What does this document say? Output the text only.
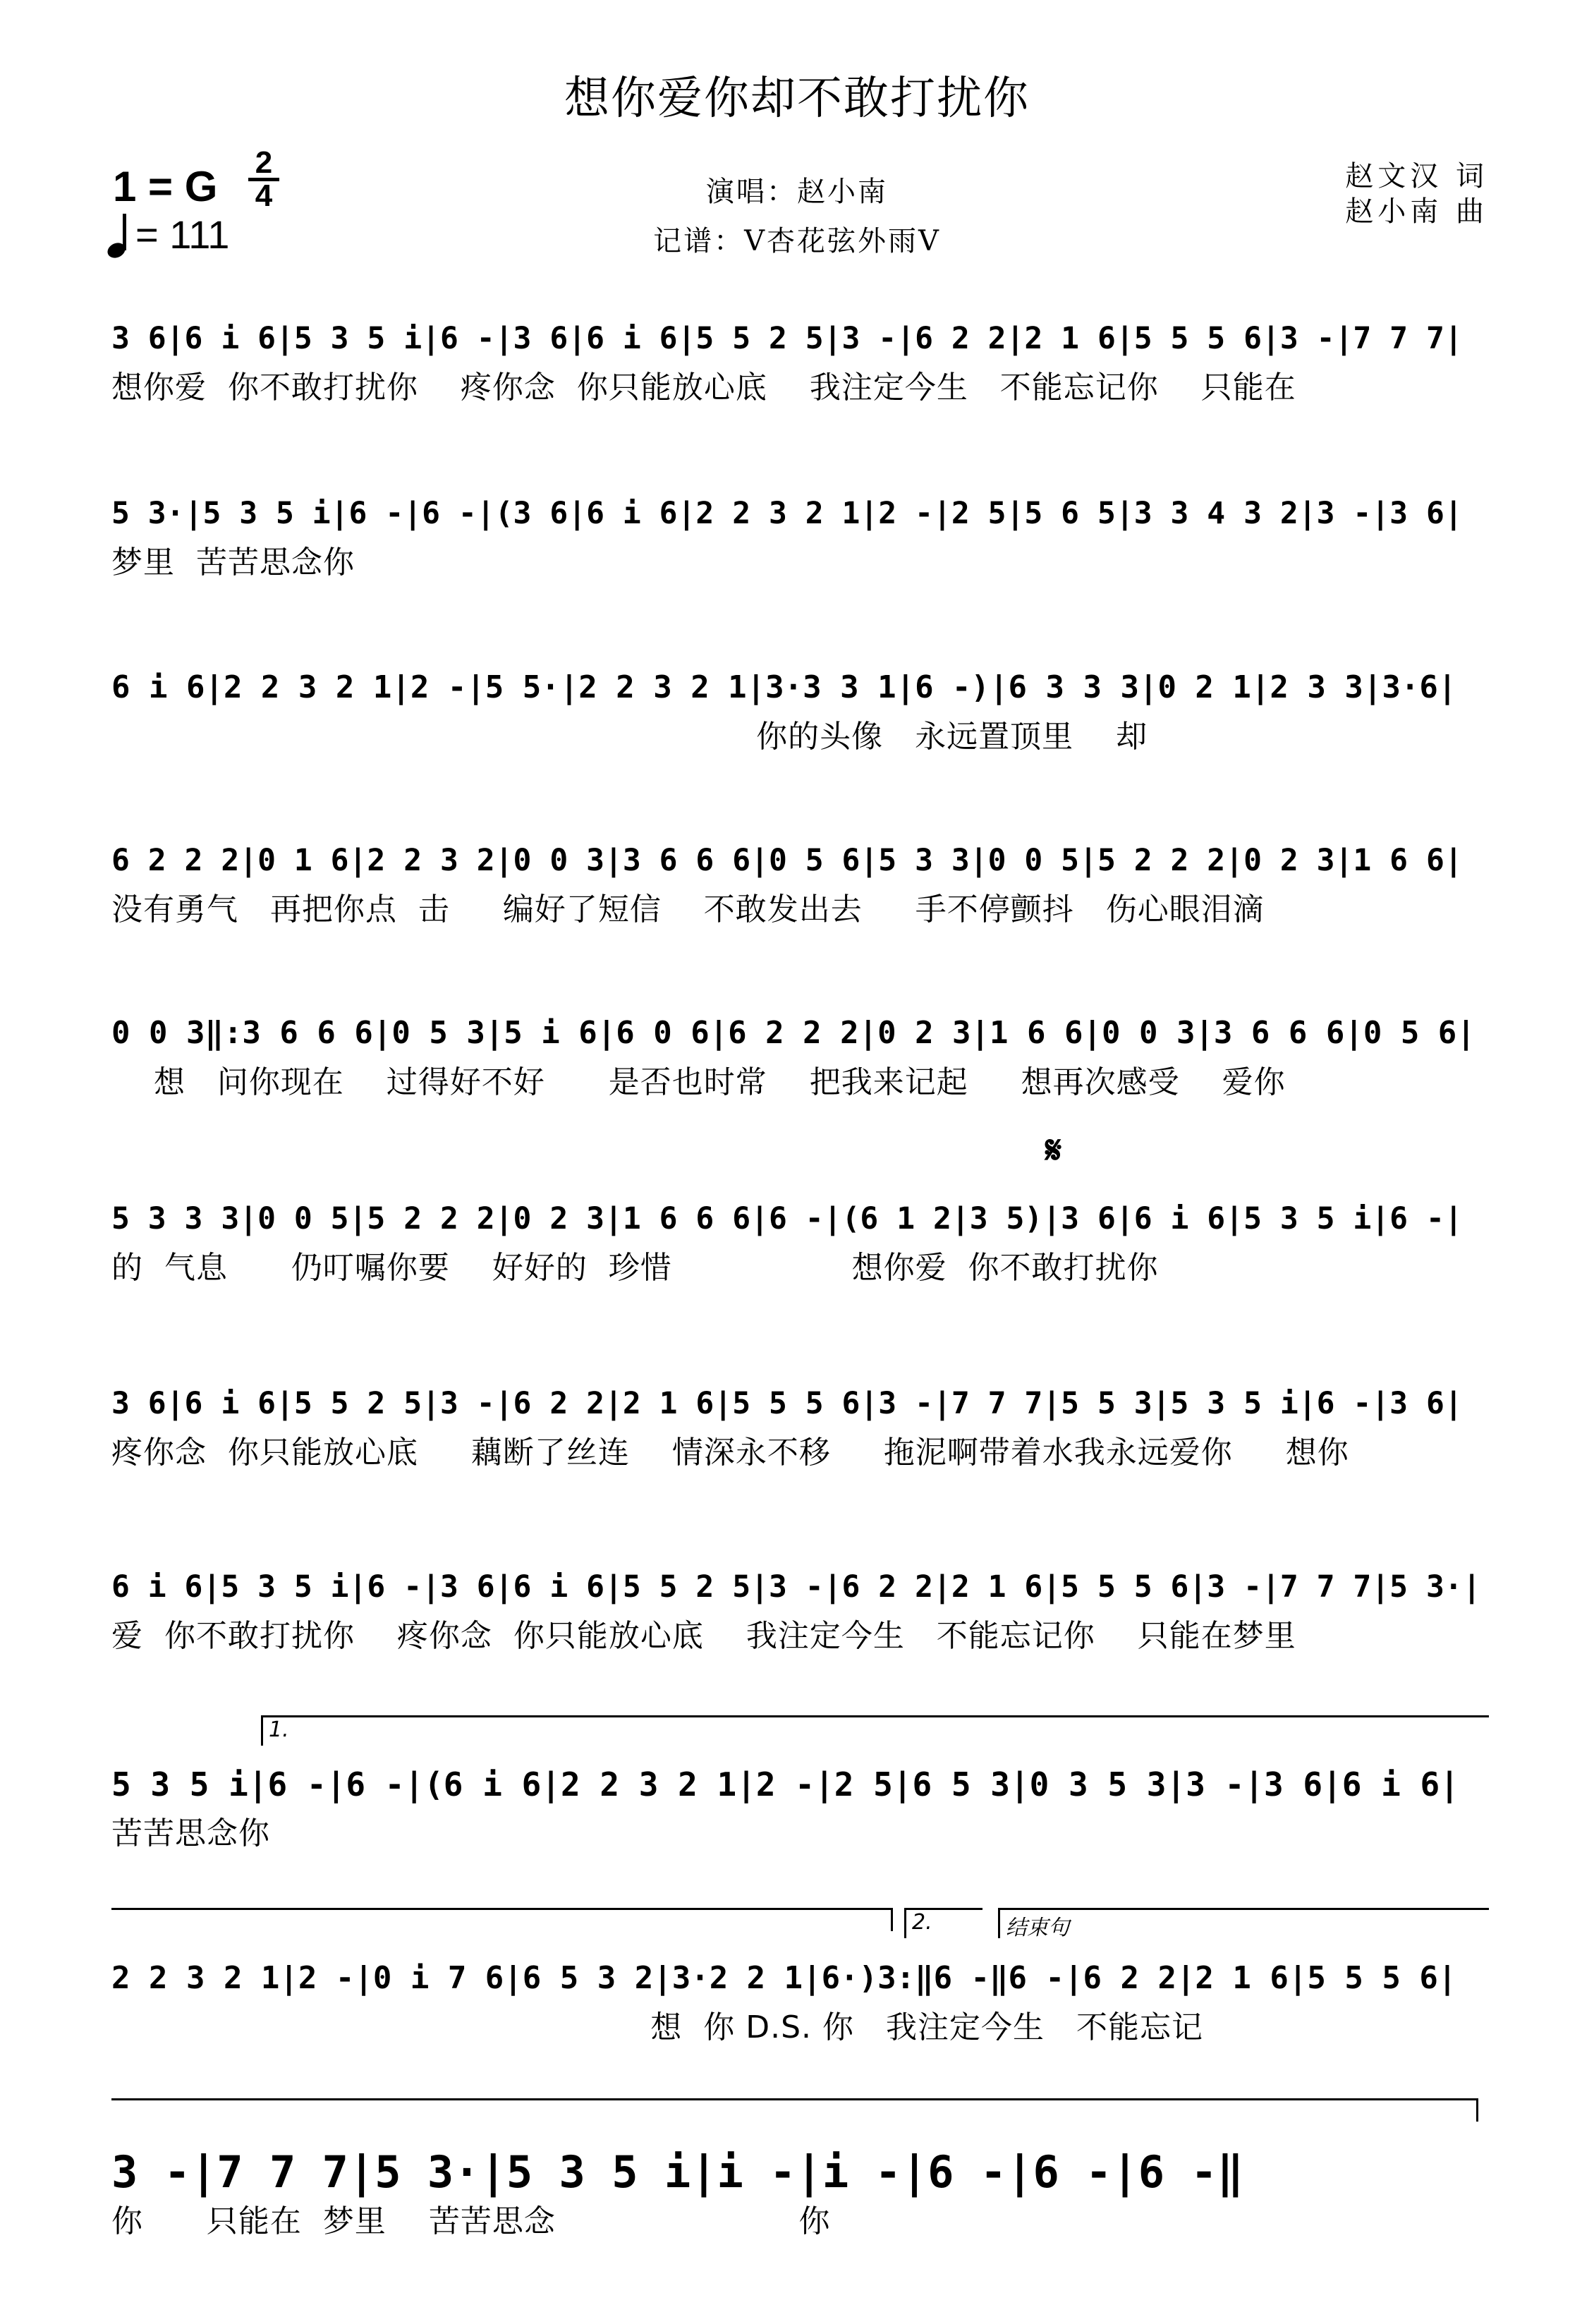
想你爱你却不敢打扰你
1 = G
2
4
= 111
演唱：赵小南
记谱：V杏花弦外雨V
赵文汉 词
赵小南 曲
3 6|6 i 6|5 3 5 i|6 -|3 6|6 i 6|5 5 2 5|3 -|6 2 2|2 1 6|5 5 5 6|3 -|7 7 7|
想你爱  你不敢打扰你    疼你念  你只能放心底    我注定今生   不能忘记你    只能在
5 3·|5 3 5 i|6 -|6 -|(3 6|6 i 6|2 2 3 2 1|2 -|2 5|5 6 5|3 3 4 3 2|3 -|3 6|
梦里  苦苦思念你
6 i 6|2 2 3 2 1|2 -|5 5·|2 2 3 2 1|3·3 3 1|6 -)|6 3 3 3|0 2 1|2 3 3|3·6|
你的头像   永远置顶里    却
6 2 2 2|0 1 6|2 2 3 2|0 0 3|3 6 6 6|0 5 6|5 3 3|0 0 5|5 2 2 2|0 2 3|1 6 6|
没有勇气   再把你点  击     编好了短信    不敢发出去     手不停颤抖   伤心眼泪滴
0 0 3‖:3 6 6 6|0 5 3|5 i 6|6 0 6|6 2 2 2|0 2 3|1 6 6|0 0 3|3 6 6 6|0 5 6|
想   问你现在    过得好不好      是否也时常    把我来记起     想再次感受    爱你
𝄋
5 3 3 3|0 0 5|5 2 2 2|0 2 3|1 6 6 6|6 -|(6 1 2|3 5)|3 6|6 i 6|5 3 5 i|6 -|
的  气息      仍叮嘱你要    好好的  珍惜                 想你爱  你不敢打扰你
3 6|6 i 6|5 5 2 5|3 -|6 2 2|2 1 6|5 5 5 6|3 -|7 7 7|5 5 3|5 3 5 i|6 -|3 6|
疼你念  你只能放心底     藕断了丝连    情深永不移     拖泥啊带着水我永远爱你     想你
6 i 6|5 3 5 i|6 -|3 6|6 i 6|5 5 2 5|3 -|6 2 2|2 1 6|5 5 5 6|3 -|7 7 7|5 3·|
爱  你不敢打扰你    疼你念  你只能放心底    我注定今生   不能忘记你    只能在梦里
1.
5 3 5 i|6 -|6 -|(6 i 6|2 2 3 2 1|2 -|2 5|6 5 3|0 3 5 3|3 -|3 6|6 i 6|
苦苦思念你
2.	结束句
2 2 3 2 1|2 -|0 i 7 6|6 5 3 2|3·2 2 1|6·)3:‖6 -‖6 -|6 2 2|2 1 6|5 5 5 6|
想  你 D.S. 你   我注定今生   不能忘记
3 -|7 7 7|5 3·|5 3 5 i|i -|i -|6 -|6 -|6 -‖
你      只能在  梦里    苦苦思念                       你
